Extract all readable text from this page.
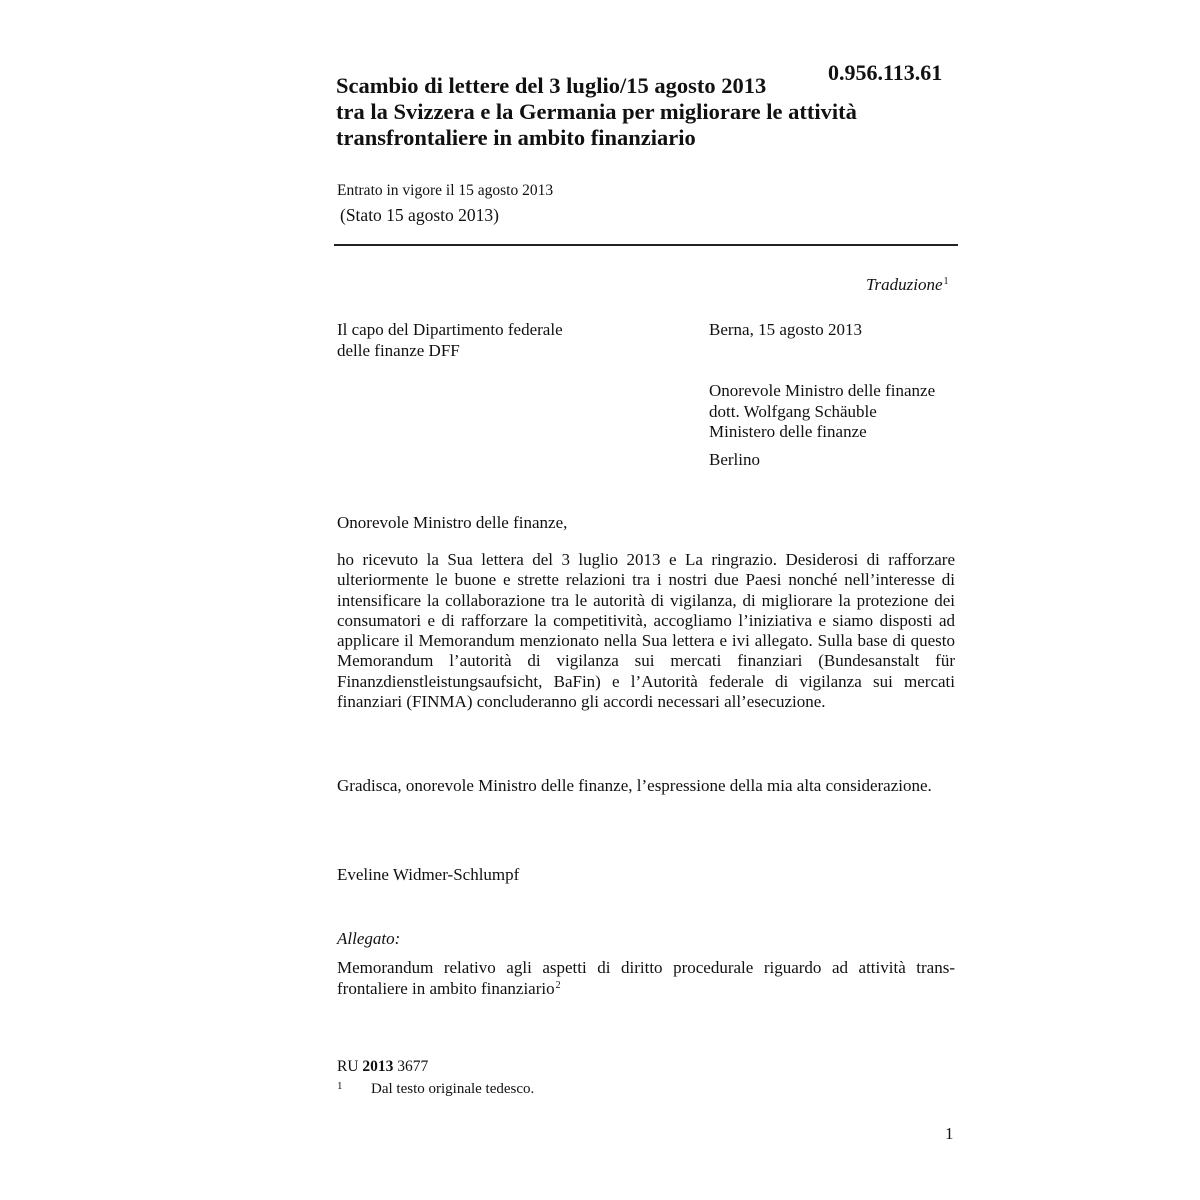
0.956.113.61
Scambio di lettere del 3 luglio/15 agosto 2013
tra la Svizzera e la Germania per migliorare le attività
transfrontaliere in ambito finanziario
Entrato in vigore il 15 agosto 2013
(Stato 15 agosto 2013)
Traduzione$^1$
Il capo del Dipartimento federale
delle finanze DFF
Berna, 15 agosto 2013
Onorevole Ministro delle finanze
dott. Wolfgang Schäuble
Ministero delle finanze
Berlino
Onorevole Ministro delle finanze,
ho ricevuto la Sua lettera del 3 luglio 2013 e La ringrazio. Desiderosi di rafforzare ulteriormente le buone e strette relazioni tra i nostri due Paesi nonché nell’interesse di intensificare la collaborazione tra le autorità di vigilanza, di migliorare la protezione dei consumatori e di rafforzare la competitività, accogliamo l’iniziativa e siamo disposti ad applicare il Memorandum menzionato nella Sua lettera e ivi allegato. Sulla base di questo Memorandum l’autorità di vigilanza sui mercati finanziari (Bundesanstalt für Finanzdienstleistungsaufsicht, BaFin) e l’Autorità federale di vigilanza sui mercati finanziari (FINMA) concluderanno gli accordi necessari all’esecuzione.
Gradisca, onorevole Ministro delle finanze, l’espressione della mia alta considerazione.
Eveline Widmer-Schlumpf
Allegato:
Memorandum relativo agli aspetti di diritto procedurale riguardo ad attività transfrontaliere in ambito finanziario$^2$
RU 2013 3677
1 Dal testo originale tedesco.
1
